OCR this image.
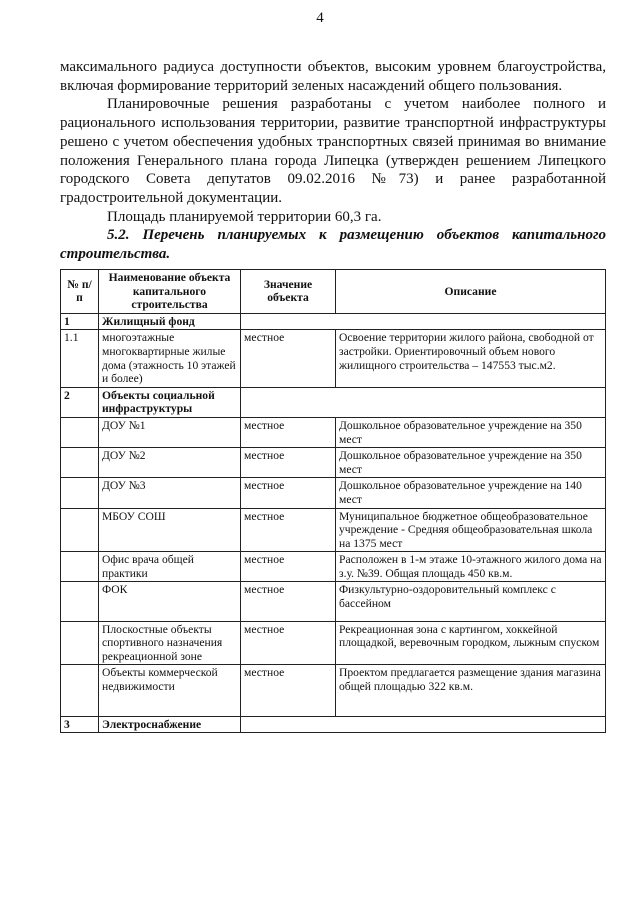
4

максимального радиуса доступности объектов, высоким уровнем благоустройства, включая формирование территорий зеленых насаждений общего пользования.

Планировочные решения разработаны с учетом наиболее полного и рационального использования территории, развитие транспортной инфраструктуры решено с учетом обеспечения удобных транспортных связей принимая во внимание положения Генерального плана города Липецка (утвержден решением Липецкого городского Совета депутатов 09.02.2016 №73) и ранее разработанной градостроительной документации.

Площадь планируемой территории 60,3 га.

5.2. Перечень планируемых к размещению объектов капитального строительства.

№ п/п	Наименование объекта капитального строительства	Значение объекта	Описание
1	Жилищный фонд		
1.1	многоэтажные многоквартирные жилые дома (этажность 10 этажей и более)	местное	Освоение территории жилого района, свободной от застройки. Ориентировочный объем нового жилищного строительства – 147553 тыс.м2.
2	Объекты социальной инфраструктуры		
	ДОУ №1	местное	Дошкольное образовательное учреждение на 350 мест
	ДОУ №2	местное	Дошкольное образовательное учреждение на 350 мест
	ДОУ №3	местное	Дошкольное образовательное учреждение на 140 мест
	МБОУ СОШ	местное	Муниципальное бюджетное общеобразовательное учреждение - Средняя общеобразовательная школа на 1375 мест
	Офис врача общей практики	местное	Расположен в 1-м этаже 10-этажного жилого дома на з.у. №39. Общая площадь 450 кв.м.
	ФОК	местное	Физкультурно-оздоровительный комплекс с бассейном
	Плоскостные объекты спортивного назначения рекреационной зоне	местное	Рекреационная зона с картингом, хоккейной площадкой, веревочным городком, лыжным спуском
	Объекты коммерческой недвижимости	местное	Проектом предлагается размещение здания магазина общей площадью 322 кв.м.
3	Электроснабжение		
